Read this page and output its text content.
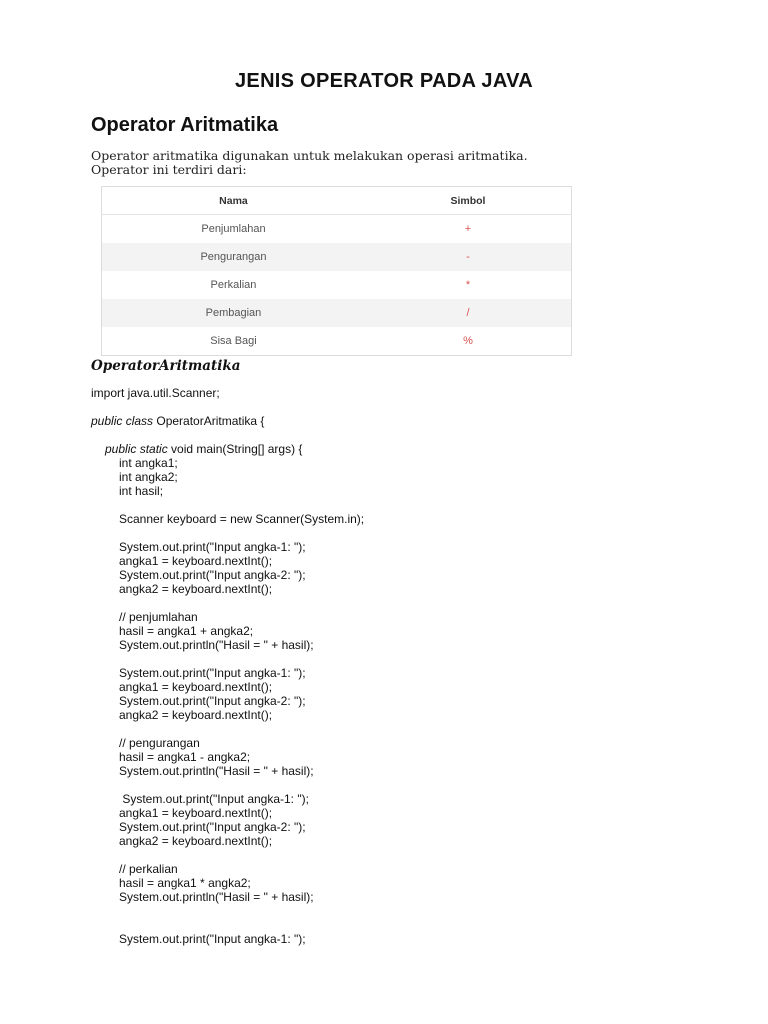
JENIS OPERATOR PADA JAVA
Operator Aritmatika
Operator aritmatika digunakan untuk melakukan operasi aritmatika.
Operator ini terdiri dari:
Nama	Simbol
Penjumlahan	+
Pengurangan	-
Perkalian	*
Pembagian	/
Sisa Bagi	%
OperatorAritmatika
import java.util.Scanner;
public class OperatorAritmatika {
public static void main(String[] args) {
int angka1;
int angka2;
int hasil;
Scanner keyboard = new Scanner(System.in);
System.out.print("Input angka-1: ");
angka1 = keyboard.nextInt();
System.out.print("Input angka-2: ");
angka2 = keyboard.nextInt();
// penjumlahan
hasil = angka1 + angka2;
System.out.println("Hasil = " + hasil);
System.out.print("Input angka-1: ");
angka1 = keyboard.nextInt();
System.out.print("Input angka-2: ");
angka2 = keyboard.nextInt();
// pengurangan
hasil = angka1 - angka2;
System.out.println("Hasil = " + hasil);
System.out.print("Input angka-1: ");
angka1 = keyboard.nextInt();
System.out.print("Input angka-2: ");
angka2 = keyboard.nextInt();
// perkalian
hasil = angka1 * angka2;
System.out.println("Hasil = " + hasil);
System.out.print("Input angka-1: ");
